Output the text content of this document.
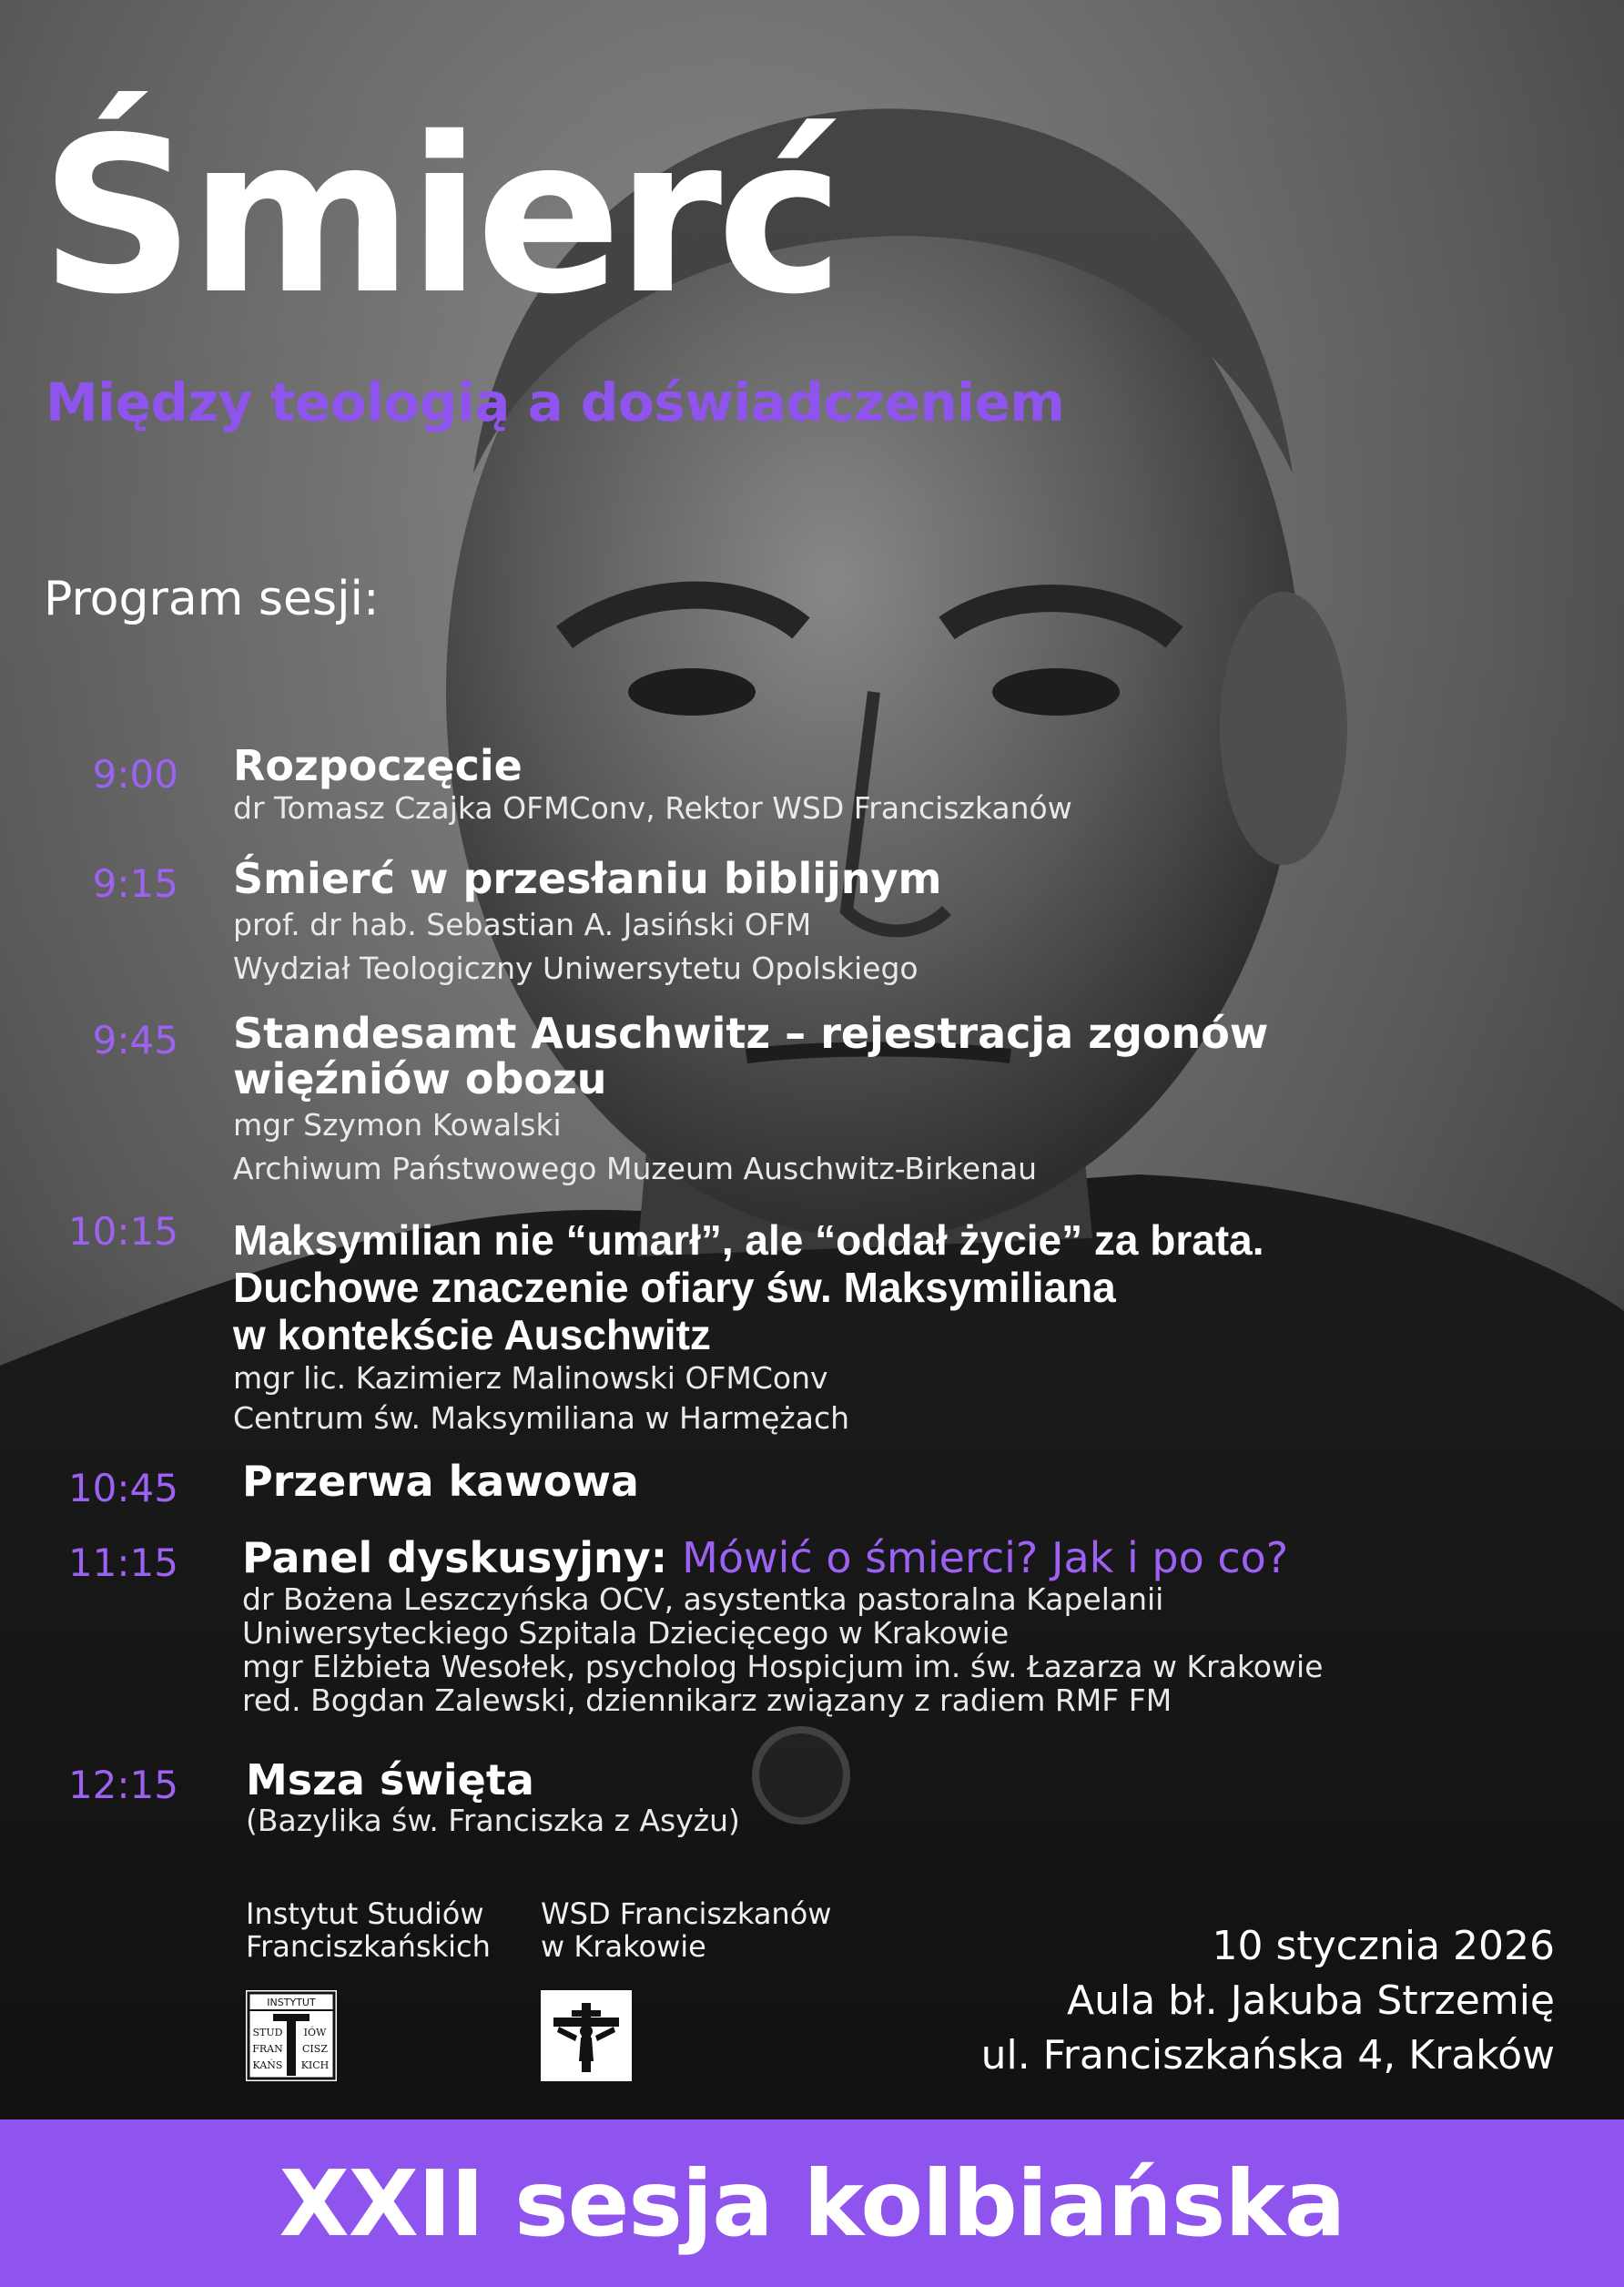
Śmierć
Między teologią a doświadczeniem
Program sesji:
9:00 Rozpoczęcie
dr Tomasz Czajka OFMConv, Rektor WSD Franciszkanów
9:15 Śmierć w przesłaniu biblijnym
prof. dr hab. Sebastian A. Jasiński OFM
Wydział Teologiczny Uniwersytetu Opolskiego
9:45 Standesamt Auschwitz – rejestracja zgonów
więźniów obozu
mgr Szymon Kowalski
Archiwum Państwowego Muzeum Auschwitz-Birkenau
10:15 Maksymilian nie “umarł”, ale “oddał życie” za brata.
Duchowe znaczenie ofiary św. Maksymiliana
w kontekście Auschwitz
mgr lic. Kazimierz Malinowski OFMConv
Centrum św. Maksymiliana w Harmężach
10:45 Przerwa kawowa
11:15 Panel dyskusyjny: Mówić o śmierci? Jak i po co?
dr Bożena Leszczyńska OCV, asystentka pastoralna Kapelanii
Uniwersyteckiego Szpitala Dziecięcego w Krakowie
mgr Elżbieta Wesołek, psycholog Hospicjum im. św. Łazarza w Krakowie
red. Bogdan Zalewski, dziennikarz związany z radiem RMF FM
12:15 Msza święta
(Bazylika św. Franciszka z Asyżu)
Instytut Studiów
Franciszkańskich
INSTYTUT
STUD IÓW
FRAN CISZ
KAŃS KICH
WSD Franciszkanów
w Krakowie	10 stycznia 2026
Aula bł. Jakuba Strzemię
ul. Franciszkańska 4, Kraków
XXII sesja kolbiańska
